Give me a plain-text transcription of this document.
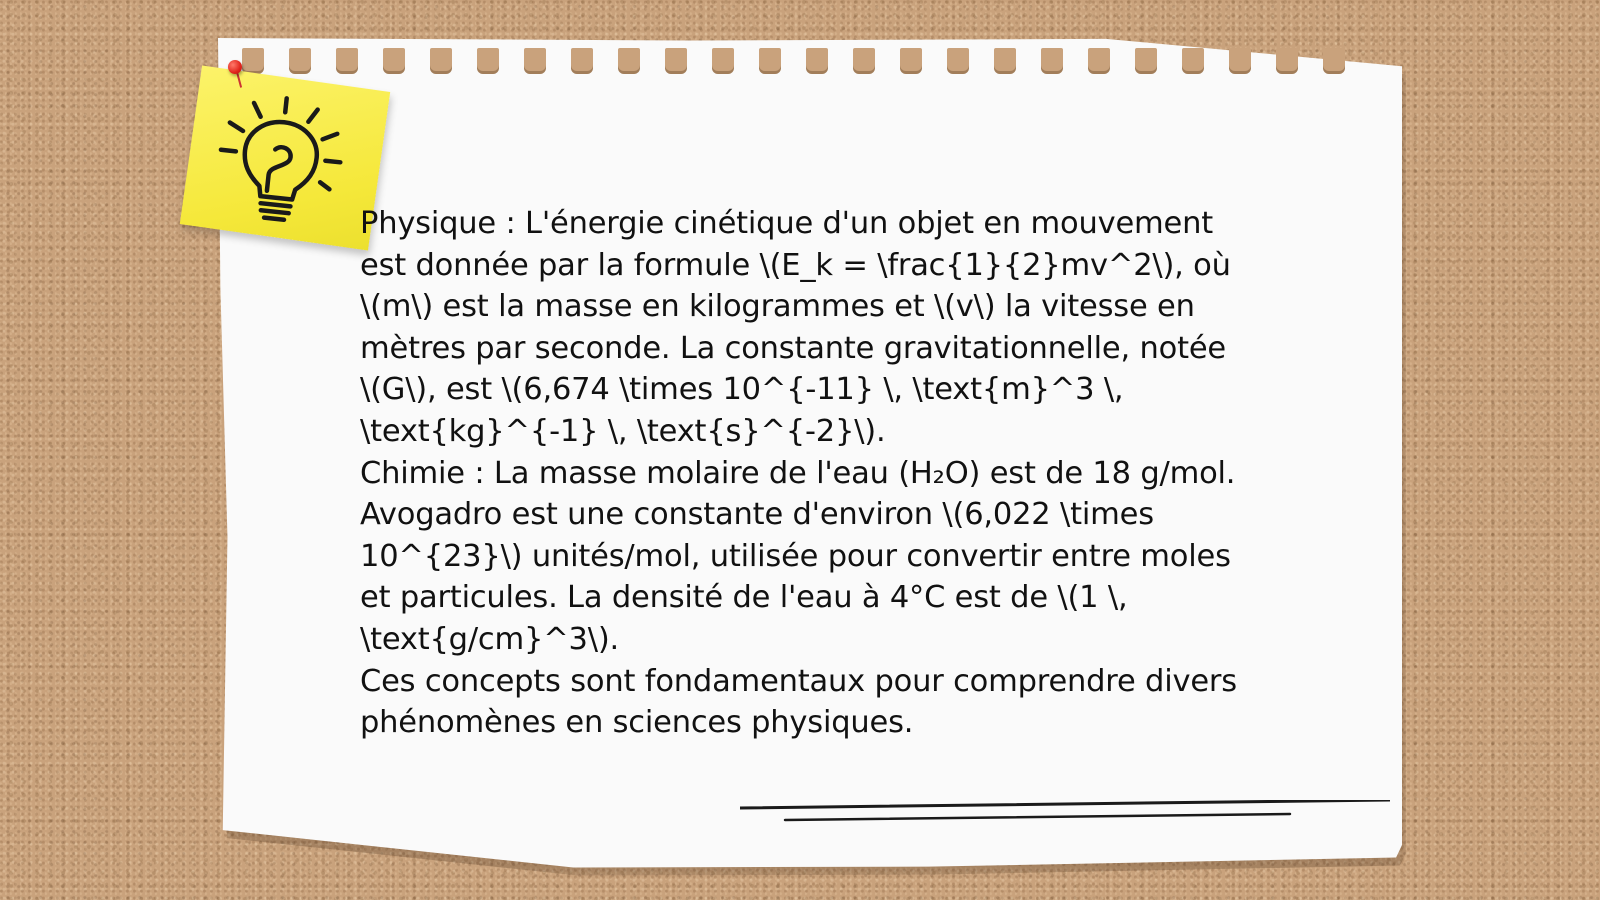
Physique : L'énergie cinétique d'un objet en mouvement est donnée par la formule \(E_k = \frac{1}{2}mv^2\), où \(m\) est la masse en kilogrammes et \(v\) la vitesse en mètres par seconde. La constante gravitationnelle, notée \(G\), est \(6,674 \times 10^{-11} \, \text{m}^3 \, \text{kg}^{-1} \, \text{s}^{-2}\).

Chimie : La masse molaire de l'eau (H₂O) est de 18 g/mol. Avogadro est une constante d'environ \(6,022 \times 10^{23}\) unités/mol, utilisée pour convertir entre moles et particules. La densité de l'eau à 4°C est de \(1 \, \text{g/cm}^3\).

Ces concepts sont fondamentaux pour comprendre divers phénomènes en sciences physiques.
